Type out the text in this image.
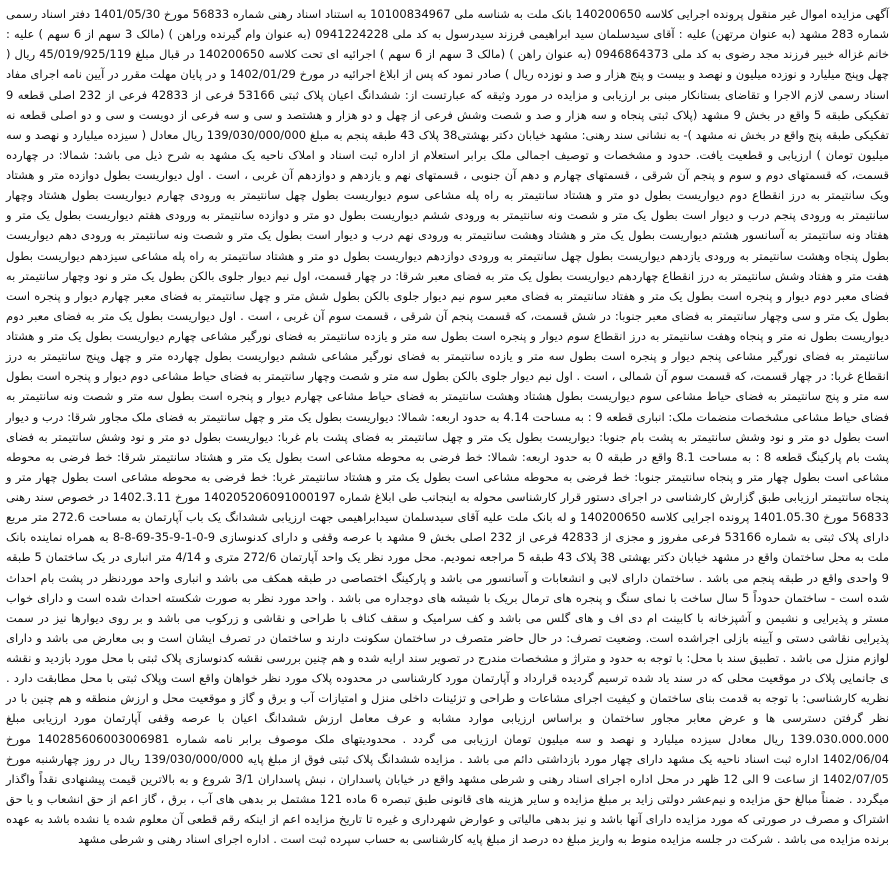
آگهی مزایده اموال غیر منقول پرونده اجرایی کلاسه 140200650 بانک ملت به شناسه ملی 10100834967 به استناد اسناد رهنی شماره 56833 مورخ 1401/05/30 دفتر اسناد رسمی شماره 283 مشهد (به عنوان مرتهن) علیه : آقای سیدسلمان سید ابراهیمی فرزند سیدرسول به کد ملی 0941224228 (به عنوان وام گیرنده وراهن ) (مالک 3 سهم از 6 سهم ) علیه : خانم غزاله خبیر فرزند مجد رضوی به کد ملی 0946864373 (به عنوان راهن ) (مالک 3 سهم از 6 سهم ) اجرائیه ای تحت کلاسه 140200650 در قبال مبلغ 45/019/925/119 ریال ( چهل وپنج میلیارد و نوزده میلیون و نهصد و بیست و پنج هزار و صد و نوزده ریال ) صادر نمود که پس از ابلاغ اجرائیه در مورخ 1402/01/29 و در پایان مهلت مقرر در آیین نامه اجرای مفاد اسناد رسمی لازم الاجرا و تقاضای بستانکار مبنی بر ارزیابی و مزایده در مورد وثیقه که عبارتست از: ششدانگ اعیان پلاک ثبتی 53166 فرعی از 42833 فرعی از 232 اصلی قطعه 9 تفکیکی طبقه 5 واقع در بخش 9 مشهد (پلاک ثبتی پنجاه و سه هزار و صد و شصت وشش فرعی از چهل و دو هزار و هشتصد و سی و سه فرعی از دویست و سی و دو اصلی قطعه نه تفکیکی طبقه پنج واقع در بخش نه مشهد )- به نشانی سند رهنی: مشهد خیابان دکتر بهشتی38 پلاک 43 طبقه پنجم به مبلغ 139/030/000/000 ریال معادل ( سیزده میلیارد و نهصد و سه میلیون تومان ) ارزیابی و قطعیت یافت. حدود و مشخصات و توصیف اجمالی ملک برابر استعلام از اداره ثبت اسناد و املاک ناحیه یک مشهد به شرح ذیل می باشد: شمالا: در چهارده قسمت، که قسمتهای دوم و سوم و پنجم آن شرقی ، قسمتهای چهارم و دهم آن جنوبی ، قسمتهای نهم و یازدهم و دوازدهم آن غربی ، است . اول دیواریست بطول دوازده متر و هشتاد ویک سانتیمتر به درز انقطاع دوم دیواریست بطول دو متر و هشتاد سانتیمتر به راه پله مشاعی سوم دیواریست بطول چهل سانتیمتر به ورودی چهارم دیواریست بطول هشتاد وچهار سانتیمتر به ورودی پنجم درب و دیوار است بطول یک متر و شصت ونه سانتیمتر به ورودی ششم دیواریست بطول دو متر و دوازده سانتیمتر به ورودی هفتم دیواریست بطول یک متر و هفتاد ونه سانتیمتر به آسانسور هشتم دیواریست بطول یک متر و هشتاد وهشت سانتیمتر به ورودی نهم درب و دیوار است بطول یک متر و شصت ونه سانتیمتر به ورودی دهم دیواریست بطول پنجاه وهشت سانتیمتر به ورودی یازدهم دیواریست بطول چهل سانتیمتر به ورودی دوازدهم دیواریست بطول دو متر و هشتاد سانتیمتر به راه پله مشاعی سیزدهم دیواریست بطول هفت متر و هفتاد وشش سانتیمتر به درز انقطاع چهاردهم دیواریست بطول یک متر به فضای معبر شرقا: در چهار قسمت، اول نیم دیوار جلوی بالکن بطول یک متر و نود وچهار سانتیمتر به فضای معبر دوم دیوار و پنجره است بطول یک متر و هفتاد سانتیمتر به فضای معبر سوم نیم دیوار جلوی بالکن بطول شش متر و چهل سانتیمتر به فضای معبر چهارم دیوار و پنجره است بطول یک متر و سی وچهار سانتیمتر به فضای معبر جنوبا: در شش قسمت، که قسمت پنجم آن شرقی ، قسمت سوم آن غربی ، است . اول دیواریست بطول یک متر به فضای معبر دوم دیواریست بطول نه متر و پنجاه وهفت سانتیمتر به درز انقطاع سوم دیوار و پنجره است بطول سه متر و یازده سانتیمتر به فضای نورگیر مشاعی چهارم دیواریست بطول یک متر و هشتاد سانتیمتر به فضای نورگیر مشاعی پنجم دیوار و پنجره است بطول سه متر و یازده سانتیمتر به فضای نورگیر مشاعی ششم دیواریست بطول چهارده متر و چهل وپنج سانتیمتر به درز انقطاع غربا: در چهار قسمت، که قسمت سوم آن شمالی ، است . اول نیم دیوار جلوی بالکن بطول سه متر و شصت وچهار سانتیمتر به فضای حیاط مشاعی دوم دیوار و پنجره است بطول سه متر و پنج سانتیمتر به فضای حیاط مشاعی سوم دیواریست بطول هشتاد وهشت سانتیمتر به فضای حیاط مشاعی چهارم دیوار و پنجره است بطول سه متر و شصت ونه سانتیمتر به فضای حیاط مشاعی مشخصات منضمات ملک: انباری قطعه 9 : به مساحت 4.14 به حدود اربعه: شمالا: دیواریست بطول یک متر و چهل سانتیمتر به فضای ملک مجاور شرقا: درب و دیوار است بطول دو متر و نود وشش سانتیمتر به پشت بام جنوبا: دیواریست بطول یک متر و چهل سانتیمتر به فضای پشت بام غربا: دیواریست بطول دو متر و نود وشش سانتیمتر به فضای پشت بام پارکینگ قطعه 8 : به مساحت 8.1 واقع در طبقه 0 به حدود اربعه: شمالا: خط فرضی به محوطه مشاعی است بطول یک متر و هشتاد سانتیمتر شرقا: خط فرضی به محوطه مشاعی است بطول چهار متر و پنجاه سانتیمتر جنوبا: خط فرضی به محوطه مشاعی است بطول یک متر و هشتاد سانتیمتر غربا: خط فرضی به محوطه مشاعی است بطول چهار متر و پنجاه سانتیمتر ارزیابی طبق گزارش کارشناسی در اجرای دستور قرار کارشناسی محوله به اینجانب طی ابلاغ شماره 140205206091000197 مورخ 1402.3.11 در خصوص سند رهنی 56833 مورخ 1401.05.30 پرونده اجرایی کلاسه 140200650 و له بانک ملت علیه آقای سیدسلمان سیدابراهیمی جهت ارزیابی ششدانگ یک باب آپارتمان به مساحت 272.6 متر مربع دارای پلاک ثبتی به شماره 53166 فرعی مفروز و مجزی از 42833 فرعی از 232 اصلی بخش 9 مشهد با عرصه وقفی و دارای کدنوسازی 9-0-1-9-35-69-8-8 به همراه نماینده بانک ملت به محل ساختمان واقع در مشهد خیابان دکتر بهشتی 38 پلاک 43 طبقه 5 مراجعه نمودیم. محل مورد نظر یک واحد آپارتمان 272/6 متری و 4/14 متر انباری در یک ساختمان 5 طبقه 9 واحدی واقع در طبقه پنجم می باشد . ساختمان دارای لابی و انشعابات و آسانسور می باشد و پارکینگ اختصاصی در طبقه همکف می باشد و انباری واحد موردنظر در پشت بام احداث شده است - ساختمان حدوداً 5 سال ساخت با نمای سنگ و پنجره های ترمال بریک با شیشه های دوجداره می باشد . واحد مورد نظر به صورت شکسته احداث شده است و دارای خواب مستر و پذیرایی و نشیمن و آشپزخانه با کابینت ام دی اف و های گلس می باشد و کف سرامیک و سقف کناف با طراحی و نقاشی و زرکوب می باشد و بر روی دیوارها نیز در سمت پذیرایی نقاشی دستی و آیینه بازلی اجراشده است. وضعیت تصرف: در حال حاضر متصرف در ساختمان سکونت دارند و ساختمان در تصرف ایشان است و بی معارض می باشد و دارای لوازم منزل می باشد . تطبیق سند با محل: با توجه به حدود و متراژ و مشخصات مندرج در تصویر سند ارایه شده و هم چنین بررسی نقشه کدنوسازی پلاک ثبتی با محل مورد بازدید و نقشه ی جانمایی پلاک در موقعیت محلی که در سند یاد شده ترسیم گردیده قرارداد و آپارتمان مورد کارشناسی در محدوده پلاک مورد نظر خواهان واقع است وپلاک ثبتی با محل مطابقت دارد . نظریه کارشناسی: با توجه به قدمت بنای ساختمان و کیفیت اجرای مشاعات و طراحی و تزئینات داخلی منزل و امتیازات آب و برق و گاز و موقعیت محل و ارزش منطقه و هم چنین با در نظر گرفتن دسترسی ها و عرض معابر مجاور ساختمان و براساس ارزیابی موارد مشابه و عرف معامل ارزش ششدانگ اعیان با عرصه وقفی آپارتمان مورد ارزیابی مبلغ 139.030.000.000 ریال معادل سیزده میلیارد و نهصد و سه میلیون تومان ارزیابی می گردد . محدودیتهای ملک موصوف برابر نامه شماره 140285606003006981 مورخ 1402/06/04 اداره ثبت اسناد ناحیه یک مشهد دارای چهار مورد بازداشتی دائم می باشد . مزایده ششدانگ پلاک ثبتی فوق از مبلغ پایه 139/030/000/000 ریال در روز چهارشنبه مورخ 1402/07/05 از ساعت 9 الی 12 ظهر در محل اداره اجرای اسناد رهنی و شرطی مشهد واقع در خیابان پاسداران ، نبش پاسداران 3/1 شروع و به بالاترین قیمت پیشنهادی نقداً واگذار میگردد . ضمناً مبالغ حق مزایده و نیم‌عشر دولتی زاید بر مبلغ مزایده و سایر هزینه های قانونی طبق تبصره 6 ماده 121 مشتمل بر بدهی های آب ، برق ، گاز اعم از حق انشعاب و یا حق اشتراک و مصرف در صورتی که مورد مزایده دارای آنها باشد و نیز بدهی مالیاتی و عوارض شهرداری و غیره تا تاریخ مزایده اعم از اینکه رقم قطعی آن معلوم شده یا نشده باشد به عهده برنده مزایده می باشد . شرکت در جلسه مزایده منوط به واریز مبلغ ده درصد از مبلغ پایه کارشناسی به حساب سپرده ثبت است . اداره اجرای اسناد رهنی و شرطی مشهد
